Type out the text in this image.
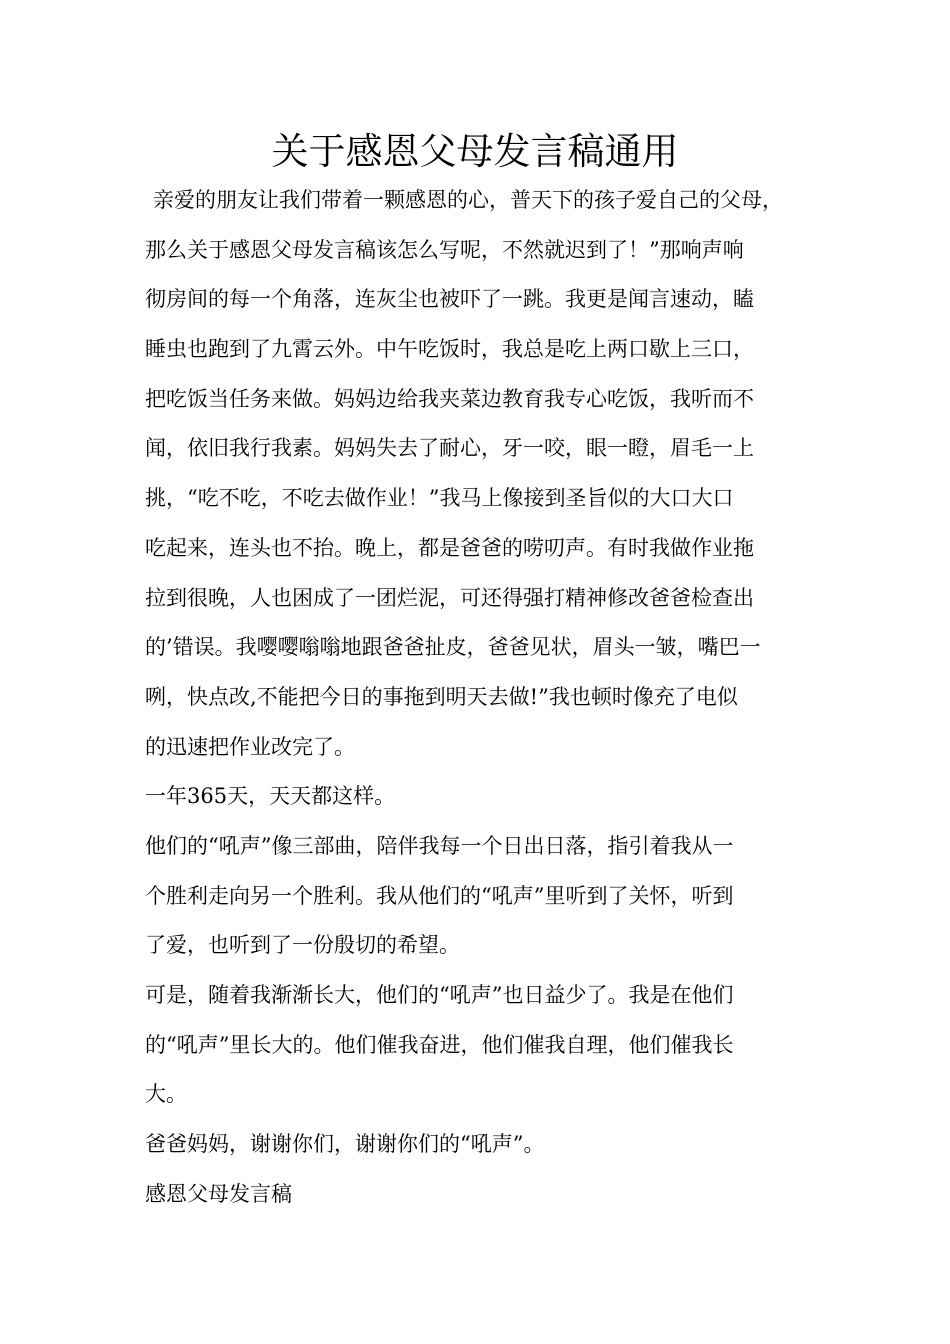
关于感恩父母发言稿通用
亲爱的朋友让我们带着一颗感恩的心，普天下的孩子爱自己的父母，
那么关于感恩父母发言稿该怎么写呢，不然就迟到了！”那响声响
彻房间的每一个角落，连灰尘也被吓了一跳。我更是闻言速动，瞌
睡虫也跑到了九霄云外。中午吃饭时，我总是吃上两口歇上三口，
把吃饭当任务来做。妈妈边给我夹菜边教育我专心吃饭，我听而不
闻，依旧我行我素。妈妈失去了耐心，牙一咬，眼一瞪，眉毛一上
挑，“吃不吃，不吃去做作业！”我马上像接到圣旨似的大口大口
吃起来，连头也不抬。晚上，都是爸爸的唠叨声。有时我做作业拖
拉到很晚，人也困成了一团烂泥，可还得强打精神修改爸爸检查出
的’错误。我嘤嘤嗡嗡地跟爸爸扯皮，爸爸见状，眉头一皱，嘴巴一
咧，快点改,不能把今日的事拖到明天去做!”我也顿时像充了电似
的迅速把作业改完了。
一年365天，天天都这样。
他们的“吼声”像三部曲，陪伴我每一个日出日落，指引着我从一
个胜利走向另一个胜利。我从他们的“吼声”里听到了关怀，听到
了爱，也听到了一份殷切的希望。
可是，随着我渐渐长大，他们的“吼声”也日益少了。我是在他们
的“吼声”里长大的。他们催我奋进，他们催我自理，他们催我长
大。
爸爸妈妈，谢谢你们，谢谢你们的“吼声”。
感恩父母发言稿
